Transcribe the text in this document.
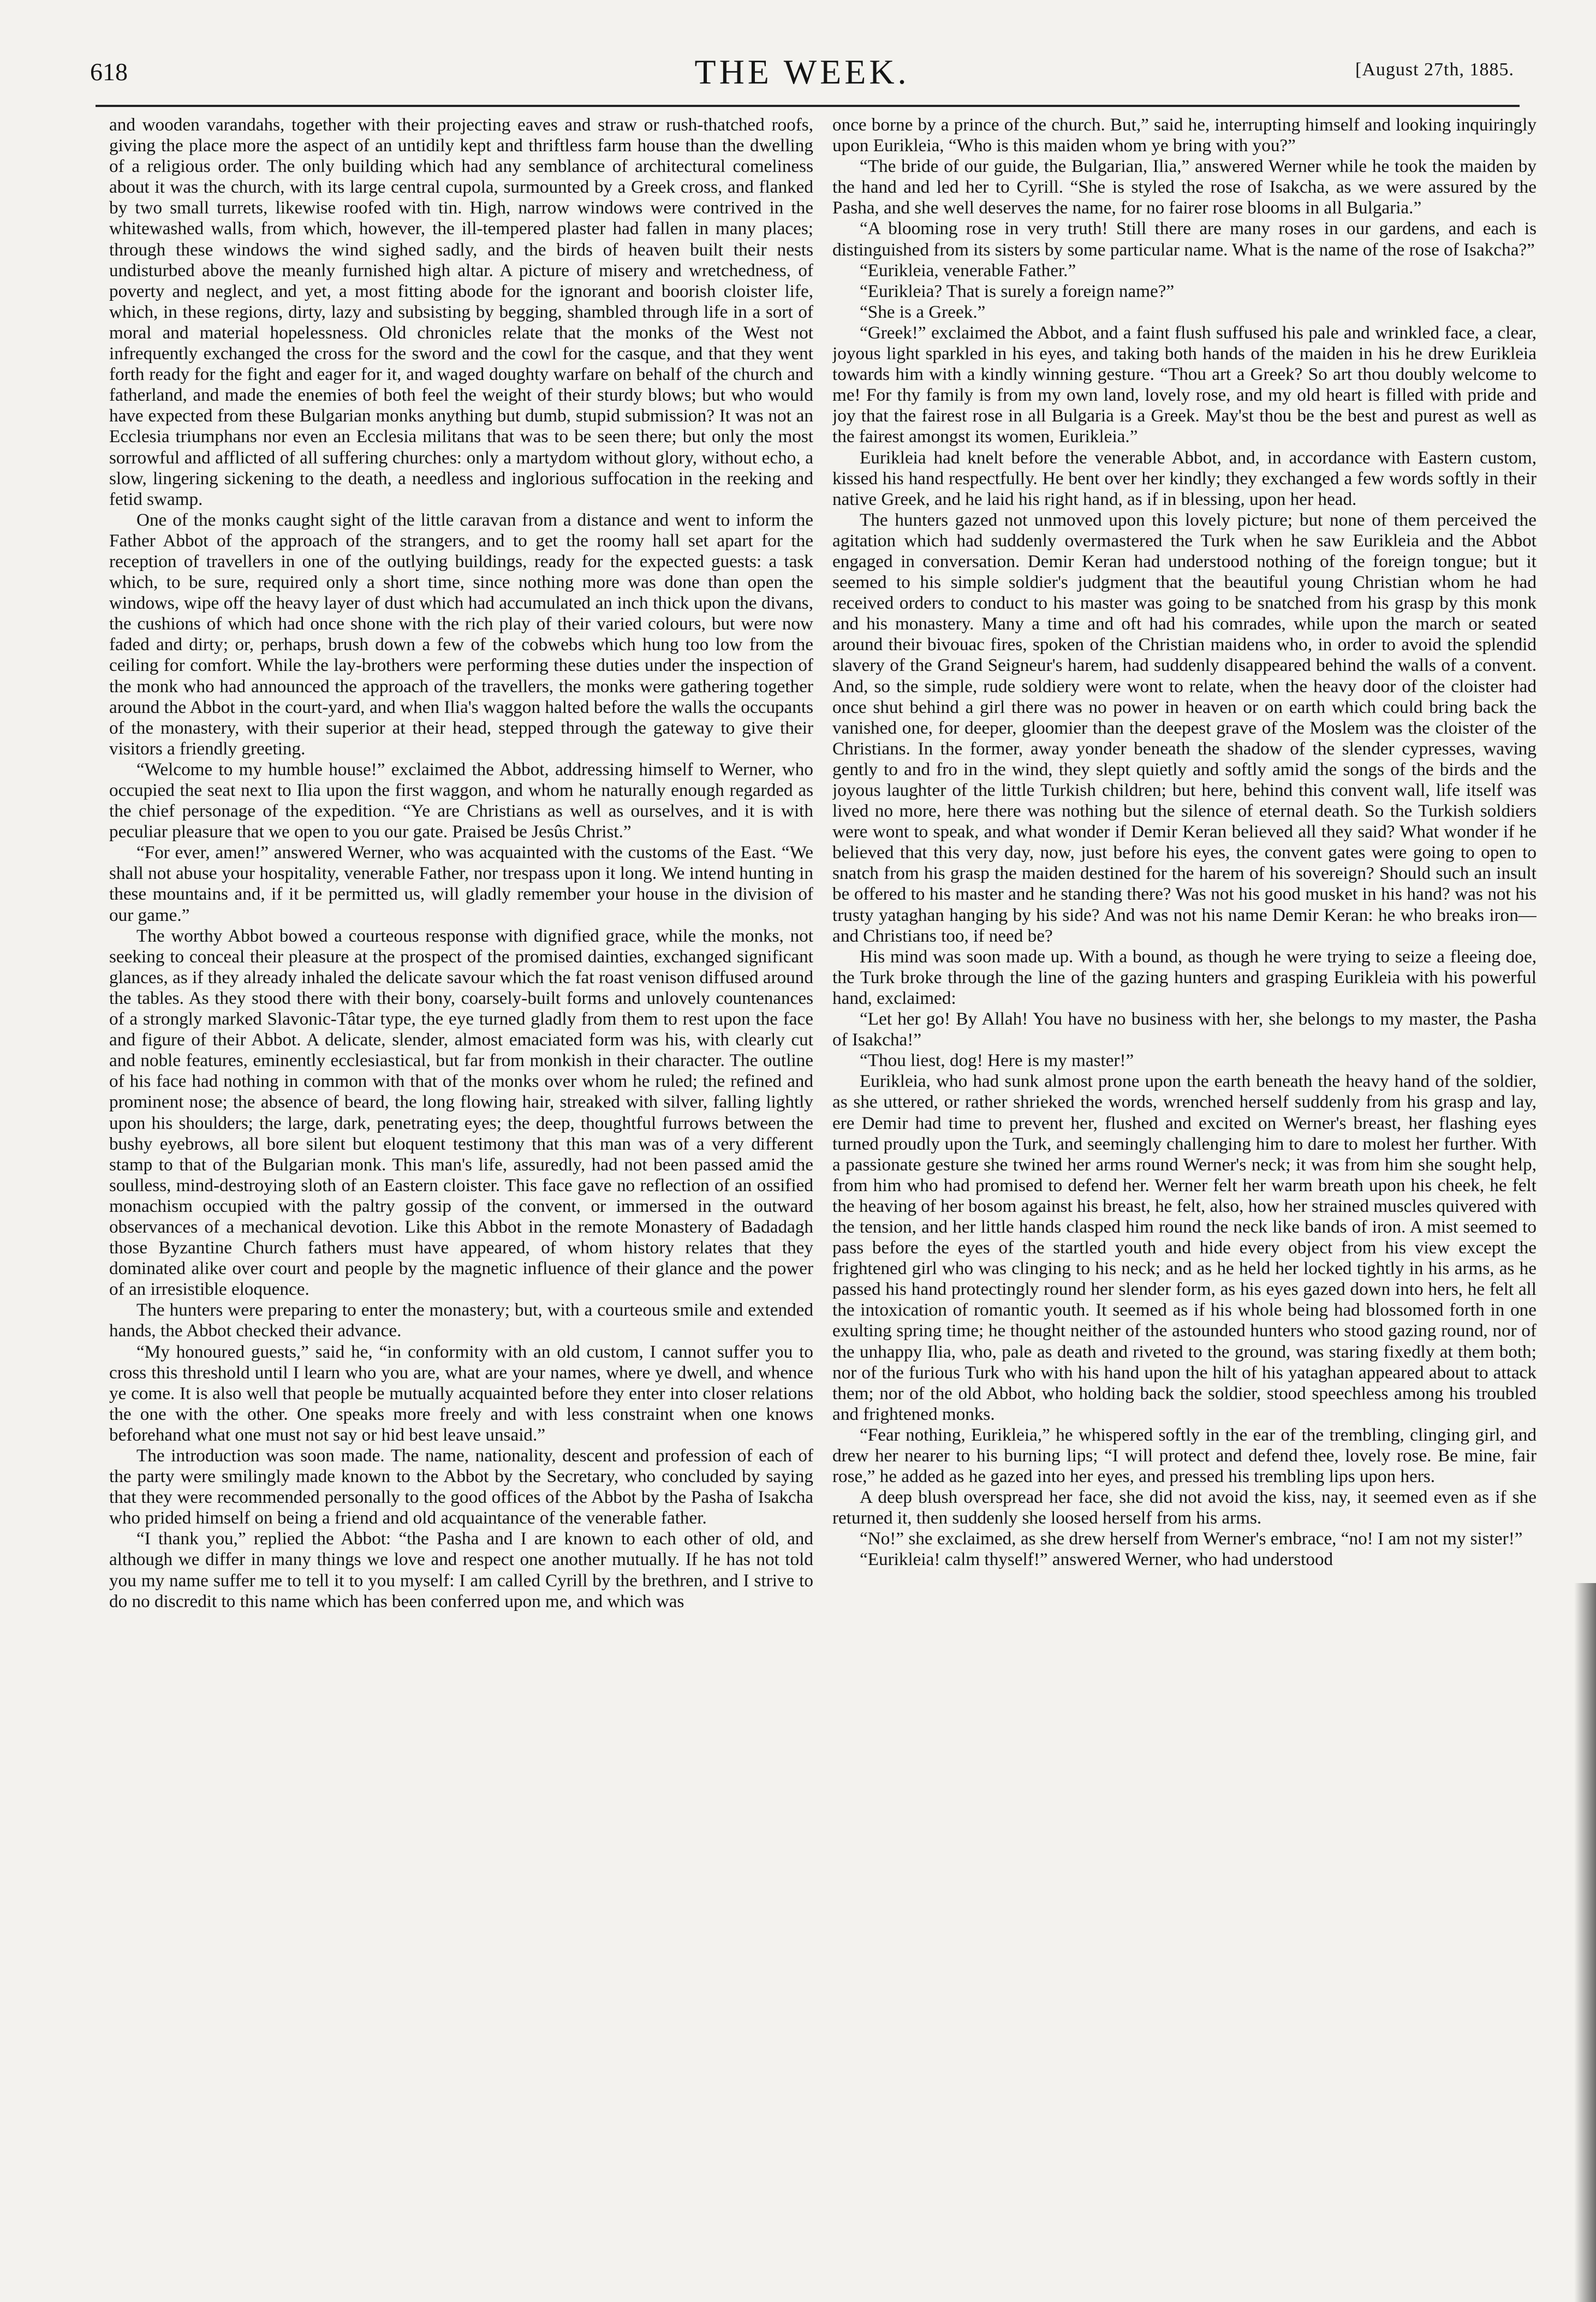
618	THE WEEK.	[August 27th, 1885.

and wooden varandahs, together with their projecting eaves and straw or rush-thatched roofs, giving the place more the aspect of an untidily kept and thriftless farm house than the dwelling of a religious order. The only building which had any semblance of architectural comeliness about it was the church, with its large central cupola, surmounted by a Greek cross, and flanked by two small turrets, likewise roofed with tin. High, narrow windows were contrived in the whitewashed walls, from which, however, the ill-tempered plaster had fallen in many places; through these windows the wind sighed sadly, and the birds of heaven built their nests undisturbed above the meanly furnished high altar. A picture of misery and wretchedness, of poverty and neglect, and yet, a most fitting abode for the ignorant and boorish cloister life, which, in these regions, dirty, lazy and subsisting by begging, shambled through life in a sort of moral and material hopelessness. Old chronicles relate that the monks of the West not infrequently exchanged the cross for the sword and the cowl for the casque, and that they went forth ready for the fight and eager for it, and waged doughty warfare on behalf of the church and fatherland, and made the enemies of both feel the weight of their sturdy blows; but who would have expected from these Bulgarian monks anything but dumb, stupid submission? It was not an Ecclesia triumphans nor even an Ecclesia militans that was to be seen there; but only the most sorrowful and afflicted of all suffering churches: only a martydom without glory, without echo, a slow, lingering sickening to the death, a needless and inglorious suffocation in the reeking and fetid swamp.

One of the monks caught sight of the little caravan from a distance and went to inform the Father Abbot of the approach of the strangers, and to get the roomy hall set apart for the reception of travellers in one of the outlying buildings, ready for the expected guests: a task which, to be sure, required only a short time, since nothing more was done than open the windows, wipe off the heavy layer of dust which had accumulated an inch thick upon the divans, the cushions of which had once shone with the rich play of their varied colours, but were now faded and dirty; or, perhaps, brush down a few of the cobwebs which hung too low from the ceiling for comfort. While the lay-brothers were performing these duties under the inspection of the monk who had announced the approach of the travellers, the monks were gathering together around the Abbot in the court-yard, and when Ilia's waggon halted before the walls the occupants of the monastery, with their superior at their head, stepped through the gateway to give their visitors a friendly greeting.

“Welcome to my humble house!” exclaimed the Abbot, addressing himself to Werner, who occupied the seat next to Ilia upon the first waggon, and whom he naturally enough regarded as the chief personage of the expedition. “Ye are Christians as well as ourselves, and it is with peculiar pleasure that we open to you our gate. Praised be Jesûs Christ.”

“For ever, amen!” answered Werner, who was acquainted with the customs of the East. “We shall not abuse your hospitality, venerable Father, nor trespass upon it long. We intend hunting in these mountains and, if it be permitted us, will gladly remember your house in the division of our game.”

The worthy Abbot bowed a courteous response with dignified grace, while the monks, not seeking to conceal their pleasure at the prospect of the promised dainties, exchanged significant glances, as if they already inhaled the delicate savour which the fat roast venison diffused around the tables. As they stood there with their bony, coarsely-built forms and unlovely countenances of a strongly marked Slavonic-Tâtar type, the eye turned gladly from them to rest upon the face and figure of their Abbot. A delicate, slender, almost emaciated form was his, with clearly cut and noble features, eminently ecclesiastical, but far from monkish in their character. The outline of his face had nothing in common with that of the monks over whom he ruled; the refined and prominent nose; the absence of beard, the long flowing hair, streaked with silver, falling lightly upon his shoulders; the large, dark, penetrating eyes; the deep, thoughtful furrows between the bushy eyebrows, all bore silent but eloquent testimony that this man was of a very different stamp to that of the Bulgarian monk. This man's life, assuredly, had not been passed amid the soulless, mind-destroying sloth of an Eastern cloister. This face gave no reflection of an ossified monachism occupied with the paltry gossip of the convent, or immersed in the outward observances of a mechanical devotion. Like this Abbot in the remote Monastery of Badadagh those Byzantine Church fathers must have appeared, of whom history relates that they dominated alike over court and people by the magnetic influence of their glance and the power of an irresistible eloquence.

The hunters were preparing to enter the monastery; but, with a courteous smile and extended hands, the Abbot checked their advance.

“My honoured guests,” said he, “in conformity with an old custom, I cannot suffer you to cross this threshold until I learn who you are, what are your names, where ye dwell, and whence ye come. It is also well that people be mutually acquainted before they enter into closer relations the one with the other. One speaks more freely and with less constraint when one knows beforehand what one must not say or hid best leave unsaid.”

The introduction was soon made. The name, nationality, descent and profession of each of the party were smilingly made known to the Abbot by the Secretary, who concluded by saying that they were recommended personally to the good offices of the Abbot by the Pasha of Isakcha who prided himself on being a friend and old acquaintance of the venerable father.

“I thank you,” replied the Abbot: “the Pasha and I are known to each other of old, and although we differ in many things we love and respect one another mutually. If he has not told you my name suffer me to tell it to you myself: I am called Cyrill by the brethren, and I strive to do no discredit to this name which has been conferred upon me, and which was

once borne by a prince of the church. But,” said he, interrupting himself and looking inquiringly upon Eurikleia, “Who is this maiden whom ye bring with you?”

“The bride of our guide, the Bulgarian, Ilia,” answered Werner while he took the maiden by the hand and led her to Cyrill. “She is styled the rose of Isakcha, as we were assured by the Pasha, and she well deserves the name, for no fairer rose blooms in all Bulgaria.”

“A blooming rose in very truth! Still there are many roses in our gardens, and each is distinguished from its sisters by some particular name. What is the name of the rose of Isakcha?”

“Eurikleia, venerable Father.”

“Eurikleia? That is surely a foreign name?”

“She is a Greek.”

“Greek!” exclaimed the Abbot, and a faint flush suffused his pale and wrinkled face, a clear, joyous light sparkled in his eyes, and taking both hands of the maiden in his he drew Eurikleia towards him with a kindly winning gesture. “Thou art a Greek? So art thou doubly welcome to me! For thy family is from my own land, lovely rose, and my old heart is filled with pride and joy that the fairest rose in all Bulgaria is a Greek. May'st thou be the best and purest as well as the fairest amongst its women, Eurikleia.”

Eurikleia had knelt before the venerable Abbot, and, in accordance with Eastern custom, kissed his hand respectfully. He bent over her kindly; they exchanged a few words softly in their native Greek, and he laid his right hand, as if in blessing, upon her head.

The hunters gazed not unmoved upon this lovely picture; but none of them perceived the agitation which had suddenly overmastered the Turk when he saw Eurikleia and the Abbot engaged in conversation. Demir Keran had understood nothing of the foreign tongue; but it seemed to his simple soldier's judgment that the beautiful young Christian whom he had received orders to conduct to his master was going to be snatched from his grasp by this monk and his monastery. Many a time and oft had his comrades, while upon the march or seated around their bivouac fires, spoken of the Christian maidens who, in order to avoid the splendid slavery of the Grand Seigneur's harem, had suddenly disappeared behind the walls of a convent. And, so the simple, rude soldiery were wont to relate, when the heavy door of the cloister had once shut behind a girl there was no power in heaven or on earth which could bring back the vanished one, for deeper, gloomier than the deepest grave of the Moslem was the cloister of the Christians. In the former, away yonder beneath the shadow of the slender cypresses, waving gently to and fro in the wind, they slept quietly and softly amid the songs of the birds and the joyous laughter of the little Turkish children; but here, behind this convent wall, life itself was lived no more, here there was nothing but the silence of eternal death. So the Turkish soldiers were wont to speak, and what wonder if Demir Keran believed all they said? What wonder if he believed that this very day, now, just before his eyes, the convent gates were going to open to snatch from his grasp the maiden destined for the harem of his sovereign? Should such an insult be offered to his master and he standing there? Was not his good musket in his hand? was not his trusty yataghan hanging by his side? And was not his name Demir Keran: he who breaks iron—and Christians too, if need be?

His mind was soon made up. With a bound, as though he were trying to seize a fleeing doe, the Turk broke through the line of the gazing hunters and grasping Eurikleia with his powerful hand, exclaimed:

“Let her go! By Allah! You have no business with her, she belongs to my master, the Pasha of Isakcha!”

“Thou liest, dog! Here is my master!”

Eurikleia, who had sunk almost prone upon the earth beneath the heavy hand of the soldier, as she uttered, or rather shrieked the words, wrenched herself suddenly from his grasp and lay, ere Demir had time to prevent her, flushed and excited on Werner's breast, her flashing eyes turned proudly upon the Turk, and seemingly challenging him to dare to molest her further. With a passionate gesture she twined her arms round Werner's neck; it was from him she sought help, from him who had promised to defend her. Werner felt her warm breath upon his cheek, he felt the heaving of her bosom against his breast, he felt, also, how her strained muscles quivered with the tension, and her little hands clasped him round the neck like bands of iron. A mist seemed to pass before the eyes of the startled youth and hide every object from his view except the frightened girl who was clinging to his neck; and as he held her locked tightly in his arms, as he passed his hand protectingly round her slender form, as his eyes gazed down into hers, he felt all the intoxication of romantic youth. It seemed as if his whole being had blossomed forth in one exulting spring time; he thought neither of the astounded hunters who stood gazing round, nor of the unhappy Ilia, who, pale as death and riveted to the ground, was staring fixedly at them both; nor of the furious Turk who with his hand upon the hilt of his yataghan appeared about to attack them; nor of the old Abbot, who holding back the soldier, stood speechless among his troubled and frightened monks.

“Fear nothing, Eurikleia,” he whispered softly in the ear of the trembling, clinging girl, and drew her nearer to his burning lips; “I will protect and defend thee, lovely rose. Be mine, fair rose,” he added as he gazed into her eyes, and pressed his trembling lips upon hers.

A deep blush overspread her face, she did not avoid the kiss, nay, it seemed even as if she returned it, then suddenly she loosed herself from his arms.

“No!” she exclaimed, as she drew herself from Werner's embrace, “no! I am not my sister!”

“Eurikleia! calm thyself!” answered Werner, who had understood
